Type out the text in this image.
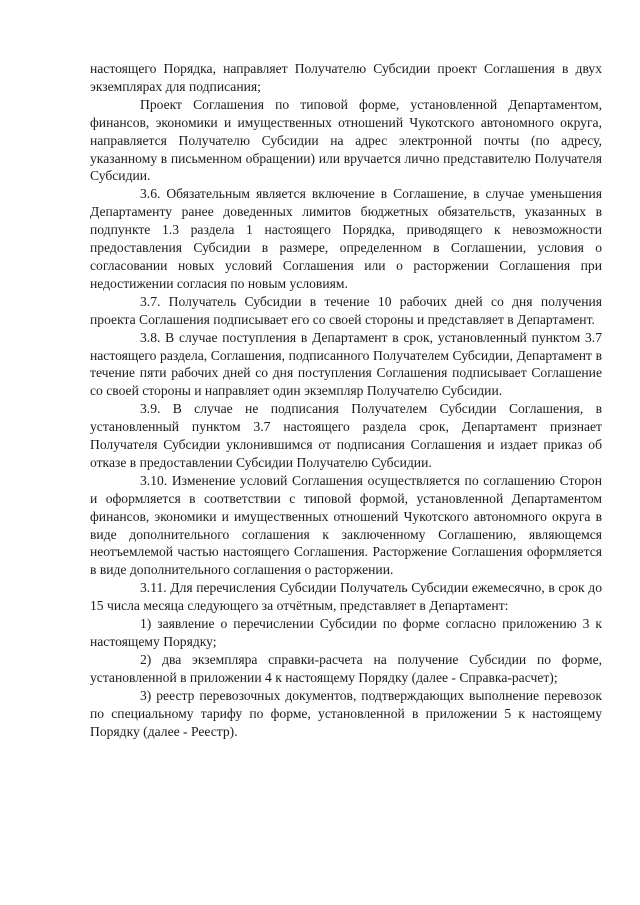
настоящего Порядка, направляет Получателю Субсидии проект Соглашения в двух экземплярах для подписания;

Проект Соглашения по типовой форме, установленной Департаментом, финансов, экономики и имущественных отношений Чукотского автономного округа, направляется Получателю Субсидии на адрес электронной почты (по адресу, указанному в письменном обращении) или вручается лично представителю Получателя Субсидии.

3.6. Обязательным является включение в Соглашение, в случае уменьшения Департаменту ранее доведенных лимитов бюджетных обязательств, указанных в подпункте 1.3 раздела 1 настоящего Порядка, приводящего к невозможности предоставления Субсидии в размере, определенном в Соглашении, условия о согласовании новых условий Соглашения или о расторжении Соглашения при недостижении согласия по новым условиям.

3.7. Получатель Субсидии в течение 10 рабочих дней со дня получения проекта Соглашения подписывает его со своей стороны и представляет в Департамент.

3.8. В случае поступления в Департамент в срок, установленный пунктом 3.7 настоящего раздела, Соглашения, подписанного Получателем Субсидии, Департамент в течение пяти рабочих дней со дня поступления Соглашения подписывает Соглашение со своей стороны и направляет один экземпляр Получателю Субсидии.

3.9. В случае не подписания Получателем Субсидии Соглашения, в установленный пунктом 3.7 настоящего раздела срок, Департамент признает Получателя Субсидии уклонившимся от подписания Соглашения и издает приказ об отказе в предоставлении Субсидии Получателю Субсидии.

3.10. Изменение условий Соглашения осуществляется по соглашению Сторон и оформляется в соответствии с типовой формой, установленной Департаментом финансов, экономики и имущественных отношений Чукотского автономного округа в виде дополнительного соглашения к заключенному Соглашению, являющемся неотъемлемой частью настоящего Соглашения. Расторжение Соглашения оформляется в виде дополнительного соглашения о расторжении.

3.11. Для перечисления Субсидии Получатель Субсидии ежемесячно, в срок до 15 числа месяца следующего за отчётным, представляет в Департамент:

1) заявление о перечислении Субсидии по форме согласно приложению 3 к настоящему Порядку;

2) два экземпляра справки-расчета на получение Субсидии по форме, установленной в приложении 4 к настоящему Порядку (далее - Справка-расчет);

3) реестр перевозочных документов, подтверждающих выполнение перевозок по специальному тарифу по форме, установленной в приложении 5 к настоящему Порядку (далее - Реестр).
